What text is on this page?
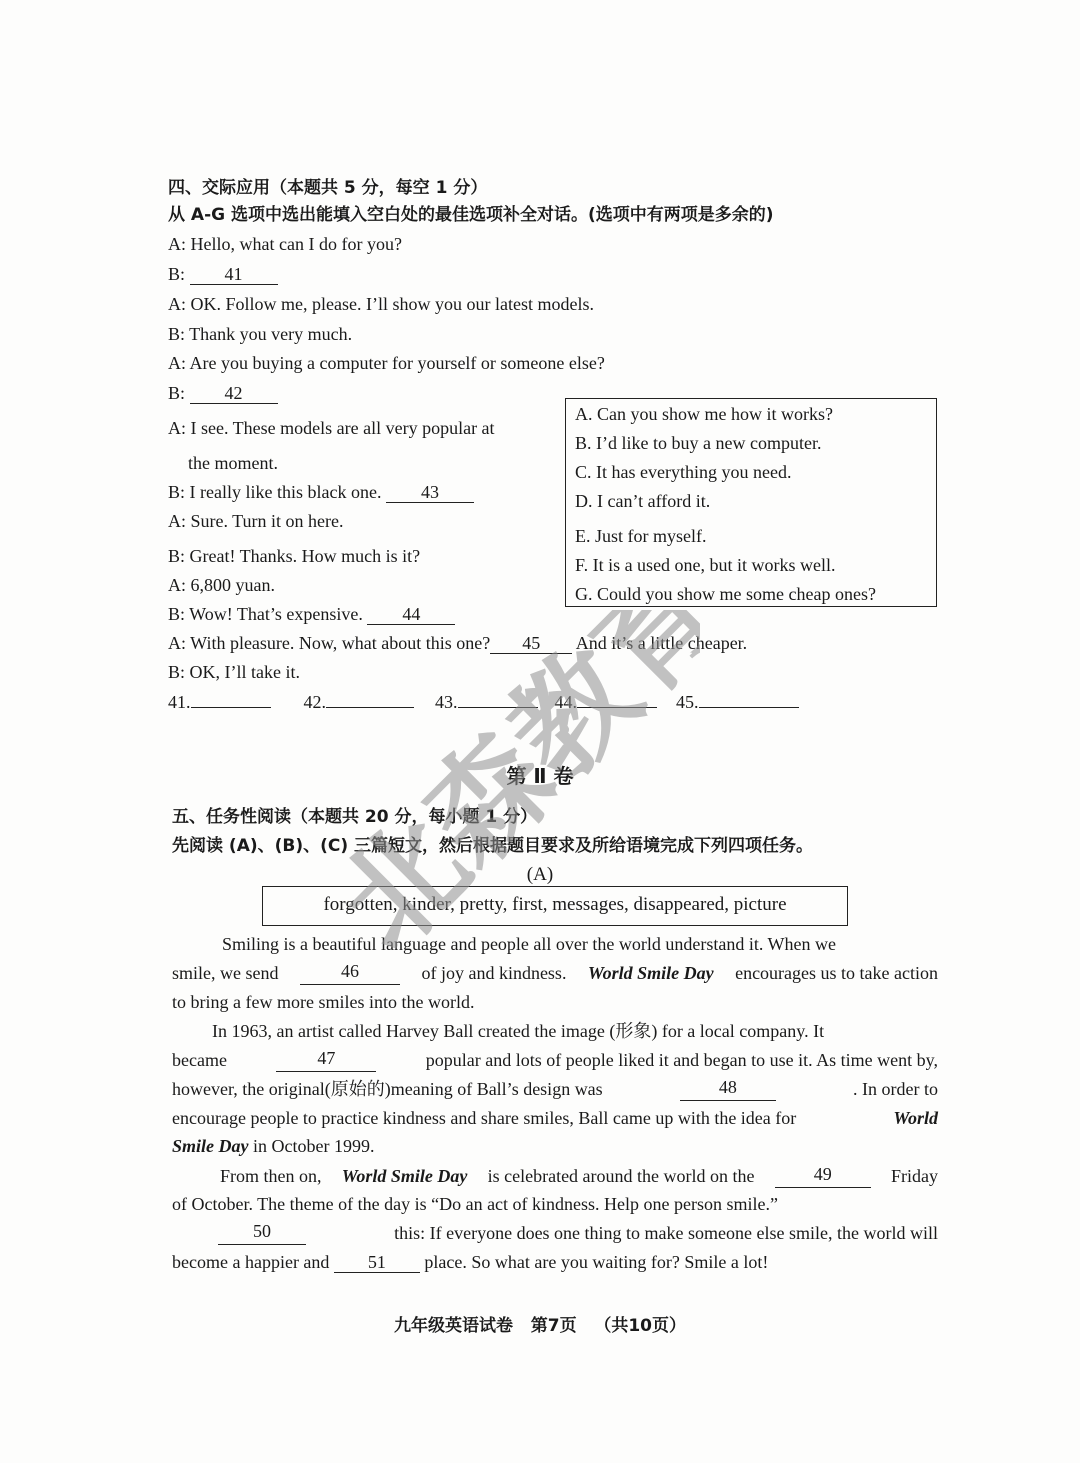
四、交际应用（本题共 5 分，每空 1 分）
从 A-G 选项中选出能填入空白处的最佳选项补全对话。(选项中有两项是多余的)
A: Hello, what can I do for you?
B: 41
A: OK. Follow me, please. I’ll show you our latest models.
B: Thank you very much.
A: Are you buying a computer for yourself or someone else?
B: 42
A: I see. These models are all very popular at
the moment.
B: I really like this black one. 43
A: Sure. Turn it on here.
B: Great! Thanks. How much is it?
A: 6,800 yuan.
B: Wow! That’s expensive. 44
A: With pleasure. Now, what about this one? 45 And it’s a little cheaper.
B: OK, I’ll take it.
A. Can you show me how it works?
B. I’d like to buy a new computer.
C. It has everything you need.
D. I can’t afford it.
E. Just for myself.
F. It is a used one, but it works well.
G. Could you show me some cheap ones?
41.	42.	43.	44.	45.
第 Ⅱ 卷
五、任务性阅读（本题共 20 分，每小题 1 分）
先阅读 (A)、(B)、(C) 三篇短文，然后根据题目要求及所给语境完成下列四项任务。
(A)
forgotten, kinder, pretty, first, messages, disappeared, picture
Smiling is a beautiful language and people all over the world understand it. When we
smile, we send	46	of joy and kindness. World Smile Day encourages us to take action
to bring a few more smiles into the world.
In 1963, an artist called Harvey Ball created the image (形象) for a local company. It
became	47	popular and lots of people liked it and began to use it. As time went by,
however, the original(原始的)meaning of Ball’s design was	48	. In order to
encourage people to practice kindness and share smiles, Ball came up with the idea for	World
Smile Day in October 1999.
From then on, World Smile Day is celebrated around the world on the	49	Friday
of October. The theme of the day is “Do an act of kindness. Help one person smile.”
50	this: If everyone does one thing to make someone else smile, the world will
become a happier and 51 place. So what are you waiting for? Smile a lot!
九年级英语试卷   第7页   （共10页）
北森教育
